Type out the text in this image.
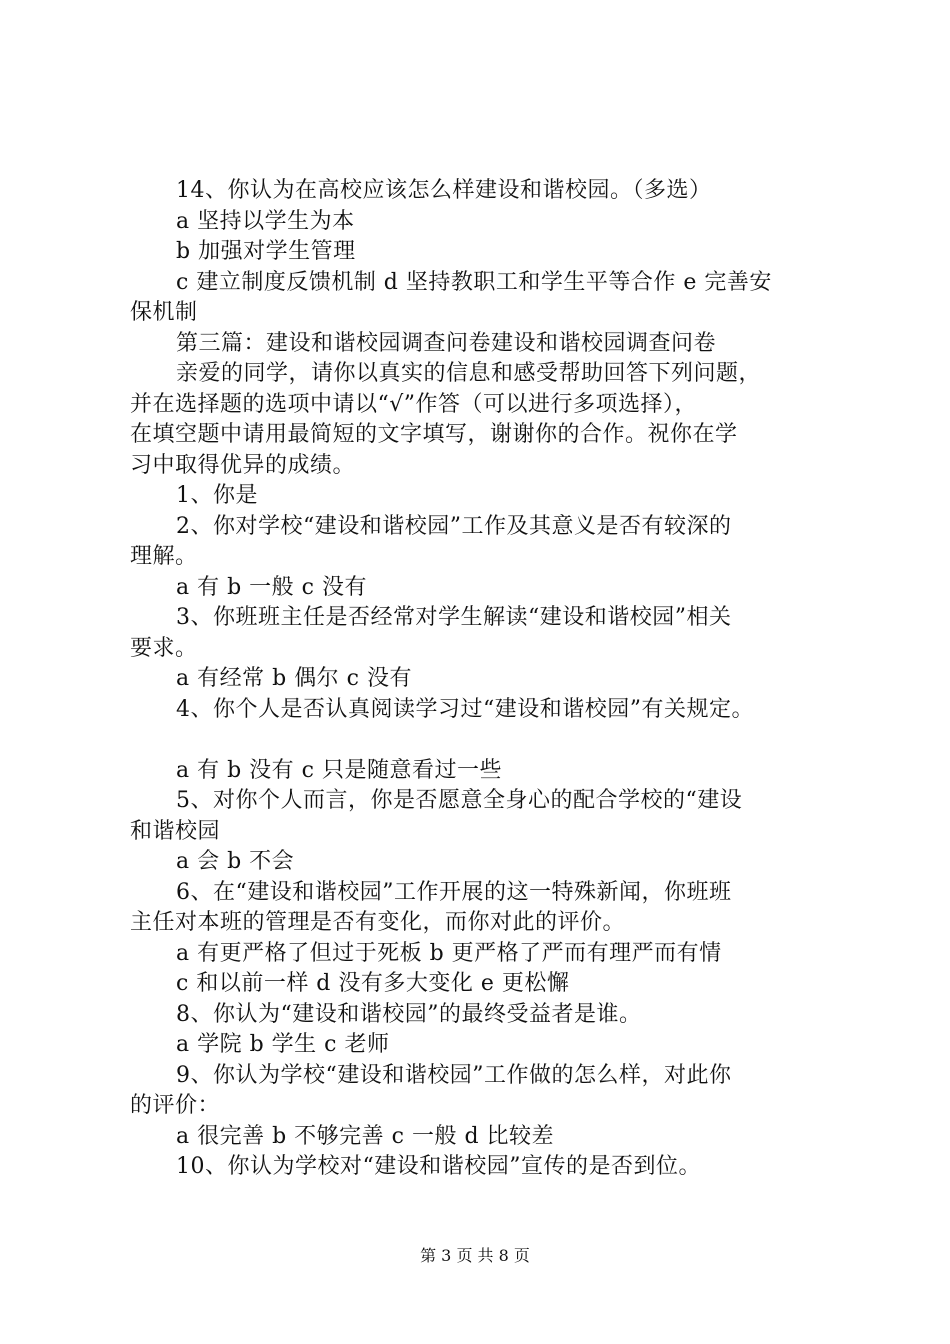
14、你认为在高校应该怎么样建设和谐校园。（多选）
a 坚持以学生为本
b 加强对学生管理
c 建立制度反馈机制 d 坚持教职工和学生平等合作 e 完善安
保机制
第三篇：建设和谐校园调查问卷建设和谐校园调查问卷
亲爱的同学，请你以真实的信息和感受帮助回答下列问题，
并在选择题的选项中请以“√”作答（可以进行多项选择），
在填空题中请用最简短的文字填写，谢谢你的合作。祝你在学
习中取得优异的成绩。
1、你是
2、你对学校“建设和谐校园”工作及其意义是否有较深的
理解。
a 有 b 一般 c 没有
3、你班班主任是否经常对学生解读“建设和谐校园”相关
要求。
a 有经常 b 偶尔 c 没有
4、你个人是否认真阅读学习过“建设和谐校园”有关规定。
a 有 b 没有 c 只是随意看过一些
5、对你个人而言，你是否愿意全身心的配合学校的“建设
和谐校园
a 会 b 不会
6、在“建设和谐校园”工作开展的这一特殊新闻，你班班
主任对本班的管理是否有变化，而你对此的评价。
a 有更严格了但过于死板 b 更严格了严而有理严而有情
c 和以前一样 d 没有多大变化 e 更松懈
8、你认为“建设和谐校园”的最终受益者是谁。
a 学院 b 学生 c 老师
9、你认为学校“建设和谐校园”工作做的怎么样，对此你
的评价：
a 很完善 b 不够完善 c 一般 d 比较差
10、你认为学校对“建设和谐校园”宣传的是否到位。
第 3 页 共 8 页
